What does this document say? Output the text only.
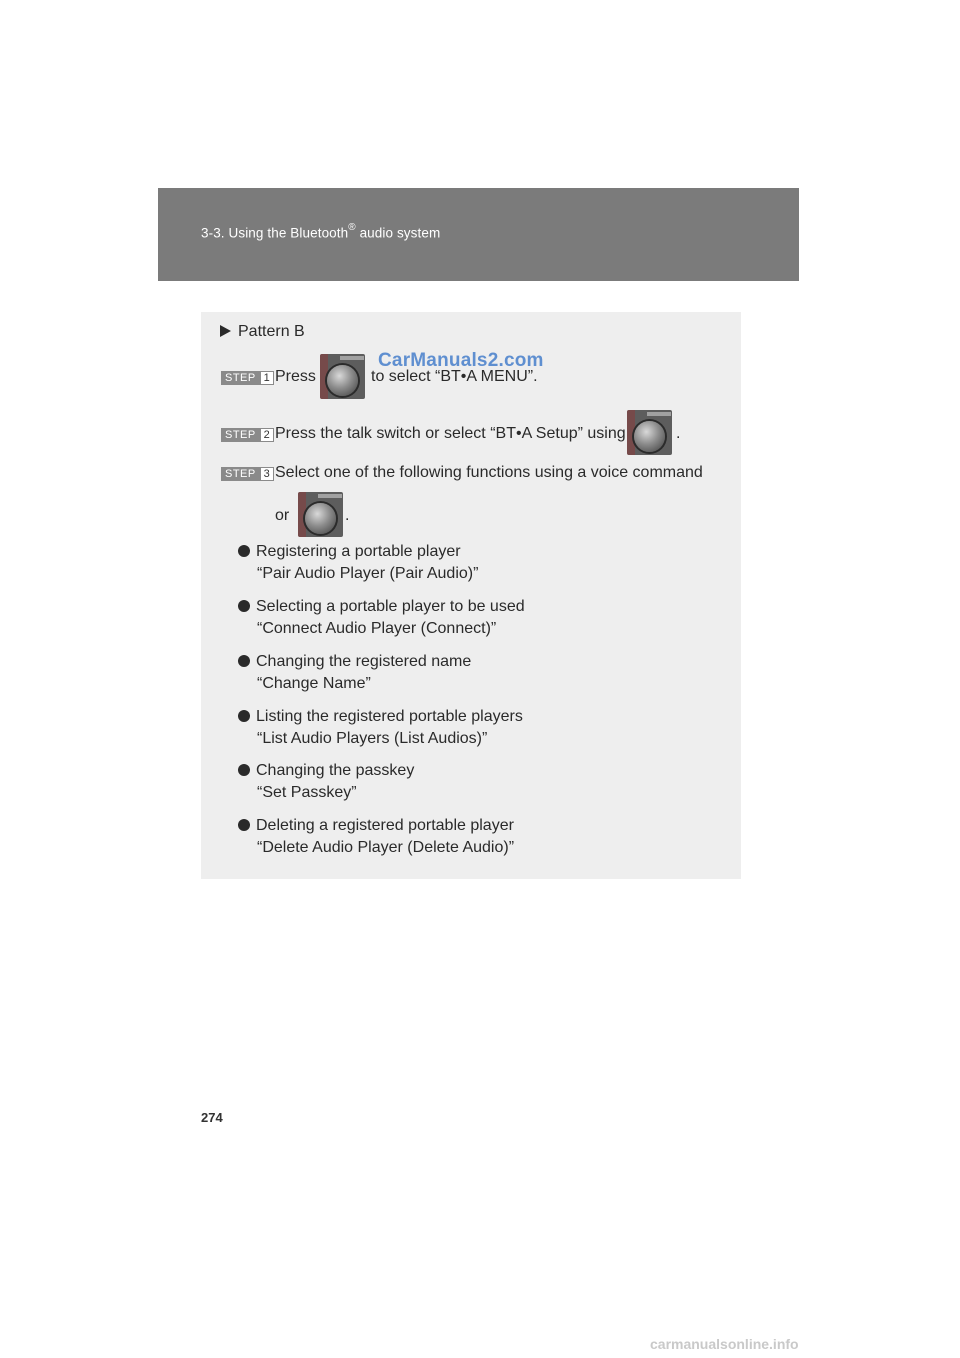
3-3. Using the Bluetooth® audio system
Pattern B
STEP 1 Press	to select “BT•A MENU”.
STEP 2 Press the talk switch or select “BT•A Setup” using	.
STEP 3 Select one of the following functions using a voice command
or	.
Registering a portable player
“Pair Audio Player (Pair Audio)”
Selecting a portable player to be used
“Connect Audio Player (Connect)”
Changing the registered name
“Change Name”
Listing the registered portable players
“List Audio Players (List Audios)”
Changing the passkey
“Set Passkey”
Deleting a registered portable player
“Delete Audio Player (Delete Audio)”
CarManuals2.com
274
carmanualsonline.info
